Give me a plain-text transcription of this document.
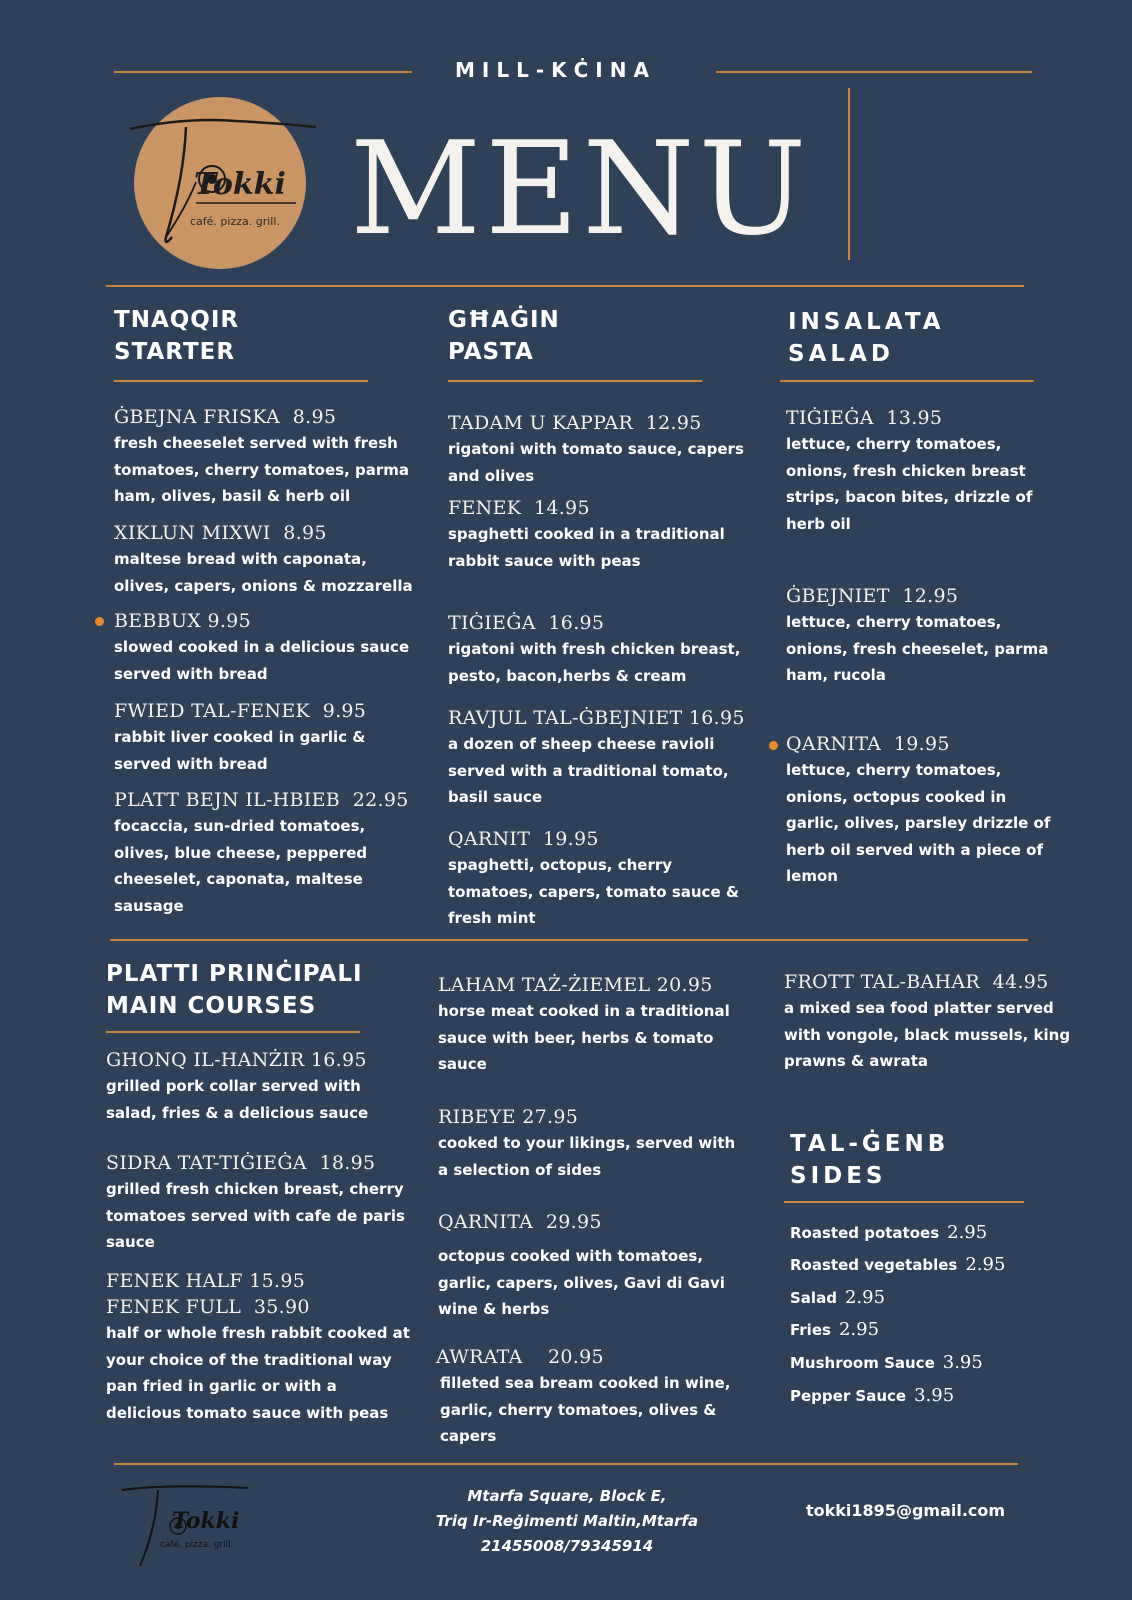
MILL-KĊINA
Tokki
café. pizza. grill. MENU
TNAQQIR
STARTER
ĠBEJNA FRISKA 8.95
fresh cheeselet served with fresh tomatoes, cherry tomatoes, parma ham, olives, basil & herb oil
XIKLUN MIXWI 8.95
maltese bread with caponata, olives, capers, onions & mozzarella
BEBBUX 9.95
slowed cooked in a delicious sauce served with bread
FWIED TAL-FENEK 9.95
rabbit liver cooked in garlic & served with bread
PLATT BEJN IL-HBIEB 22.95
focaccia, sun-dried tomatoes, olives, blue cheese, peppered cheeselet, caponata, maltese sausage
GĦAĠIN
PASTA
TADAM U KAPPAR 12.95
rigatoni with tomato sauce, capers and olives
FENEK 14.95
spaghetti cooked in a traditional rabbit sauce with peas
TIĠIEĠA 16.95
rigatoni with fresh chicken breast, pesto, bacon,herbs & cream
RAVJUL TAL-ĠBEJNIET 16.95
a dozen of sheep cheese ravioli served with a traditional tomato, basil sauce
QARNIT 19.95
spaghetti, octopus, cherry tomatoes, capers, tomato sauce & fresh mint
INSALATA
SALAD
TIĠIEĠA 13.95
lettuce, cherry tomatoes, onions, fresh chicken breast strips, bacon bites, drizzle of herb oil
ĠBEJNIET 12.95
lettuce, cherry tomatoes, onions, fresh cheeselet, parma ham, rucola
QARNITA 19.95
lettuce, cherry tomatoes, onions, octopus cooked in garlic, olives, parsley drizzle of herb oil served with a piece of lemon
PLATTI PRINĊIPALI
MAIN COURSES
GHONQ IL-HANŻIR 16.95
grilled pork collar served with salad, fries & a delicious sauce
SIDRA TAT-TIĠIEĠA 18.95
grilled fresh chicken breast, cherry tomatoes served with cafe de paris sauce
FENEK HALF 15.95
FENEK FULL 35.90
half or whole fresh rabbit cooked at your choice of the traditional way pan fried in garlic or with a delicious tomato sauce with peas
LAHAM TAŻ-ŻIEMEL 20.95
horse meat cooked in a traditional sauce with beer, herbs & tomato sauce
RIBEYE 27.95
cooked to your likings, served with a selection of sides
QARNITA 29.95
octopus cooked with tomatoes, garlic, capers, olives, Gavi di Gavi wine & herbs
AWRATA 20.95
filleted sea bream cooked in wine, garlic, cherry tomatoes, olives & capers
FROTT TAL-BAHAR 44.95
a mixed sea food platter served with vongole, black mussels, king prawns & awrata
TAL-ĠENB
SIDES
Roasted potatoes 2.95
Roasted vegetables 2.95
Salad 2.95
Fries 2.95
Mushroom Sauce 3.95
Pepper Sauce 3.95
Tokki
café. pizza. grill.
Mtarfa Square, Block E,
Triq Ir-Reġimenti Maltin,Mtarfa
21455008/79345914
tokki1895@gmail.com
